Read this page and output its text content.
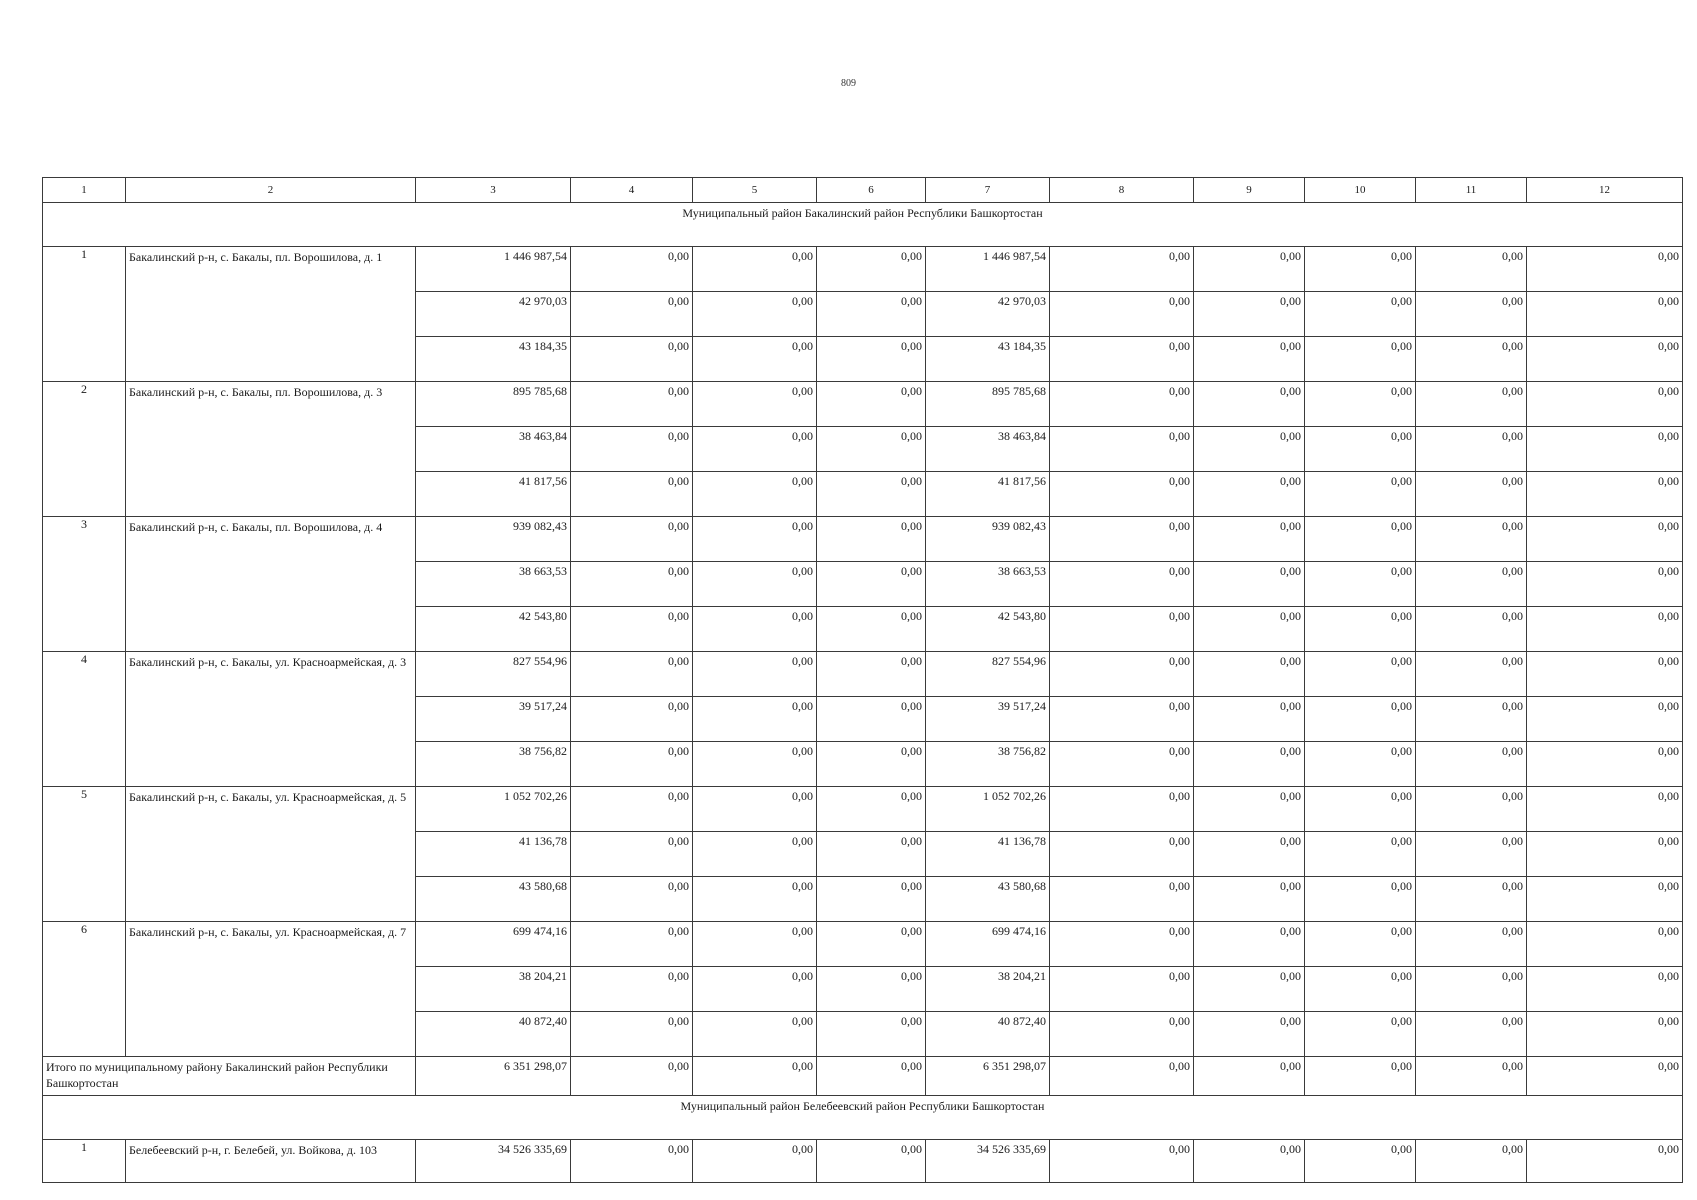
809
1	2	3	4	5	6	7	8	9	10	11	12
Муниципальный район Бакалинский район Республики Башкортостан											
1	Бакалинский р-н, с. Бакалы, пл. Ворошилова, д. 1	1 446 987,54	0,00	0,00	0,00	1 446 987,54	0,00	0,00	0,00	0,00	0,00
		42 970,03	0,00	0,00	0,00	42 970,03	0,00	0,00	0,00	0,00	0,00
		43 184,35	0,00	0,00	0,00	43 184,35	0,00	0,00	0,00	0,00	0,00
2	Бакалинский р-н, с. Бакалы, пл. Ворошилова, д. 3	895 785,68	0,00	0,00	0,00	895 785,68	0,00	0,00	0,00	0,00	0,00
		38 463,84	0,00	0,00	0,00	38 463,84	0,00	0,00	0,00	0,00	0,00
		41 817,56	0,00	0,00	0,00	41 817,56	0,00	0,00	0,00	0,00	0,00
3	Бакалинский р-н, с. Бакалы, пл. Ворошилова, д. 4	939 082,43	0,00	0,00	0,00	939 082,43	0,00	0,00	0,00	0,00	0,00
		38 663,53	0,00	0,00	0,00	38 663,53	0,00	0,00	0,00	0,00	0,00
		42 543,80	0,00	0,00	0,00	42 543,80	0,00	0,00	0,00	0,00	0,00
4	Бакалинский р-н, с. Бакалы, ул. Красноармейская, д. 3	827 554,96	0,00	0,00	0,00	827 554,96	0,00	0,00	0,00	0,00	0,00
		39 517,24	0,00	0,00	0,00	39 517,24	0,00	0,00	0,00	0,00	0,00
		38 756,82	0,00	0,00	0,00	38 756,82	0,00	0,00	0,00	0,00	0,00
5	Бакалинский р-н, с. Бакалы, ул. Красноармейская, д. 5	1 052 702,26	0,00	0,00	0,00	1 052 702,26	0,00	0,00	0,00	0,00	0,00
		41 136,78	0,00	0,00	0,00	41 136,78	0,00	0,00	0,00	0,00	0,00
		43 580,68	0,00	0,00	0,00	43 580,68	0,00	0,00	0,00	0,00	0,00
6	Бакалинский р-н, с. Бакалы, ул. Красноармейская, д. 7	699 474,16	0,00	0,00	0,00	699 474,16	0,00	0,00	0,00	0,00	0,00
		38 204,21	0,00	0,00	0,00	38 204,21	0,00	0,00	0,00	0,00	0,00
		40 872,40	0,00	0,00	0,00	40 872,40	0,00	0,00	0,00	0,00	0,00
Итого по муниципальному району Бакалинский район Республики Башкортостан		6 351 298,07	0,00	0,00	0,00	6 351 298,07	0,00	0,00	0,00	0,00	0,00
Муниципальный район Белебеевский район Республики Башкортостан											
1	Белебеевский р-н, г. Белебей, ул. Войкова, д. 103	34 526 335,69	0,00	0,00	0,00	34 526 335,69	0,00	0,00	0,00	0,00	0,00
